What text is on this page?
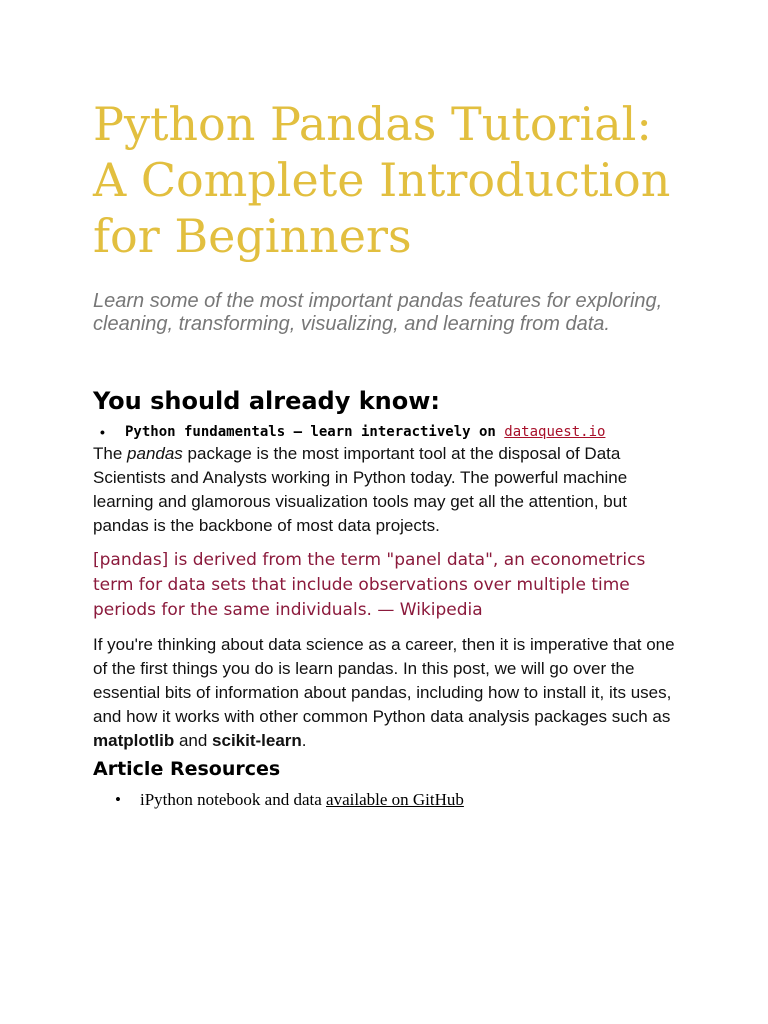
Python Pandas Tutorial: A Complete Introduction for Beginners

Learn some of the most important pandas features for exploring, cleaning, transforming, visualizing, and learning from data.

You should already know:
• Python fundamentals – learn interactively on dataquest.io

The pandas package is the most important tool at the disposal of Data Scientists and Analysts working in Python today. The powerful machine learning and glamorous visualization tools may get all the attention, but pandas is the backbone of most data projects.

[pandas] is derived from the term "panel data", an econometrics term for data sets that include observations over multiple time periods for the same individuals. — Wikipedia

If you're thinking about data science as a career, then it is imperative that one of the first things you do is learn pandas. In this post, we will go over the essential bits of information about pandas, including how to install it, its uses, and how it works with other common Python data analysis packages such as matplotlib and scikit-learn.

Article Resources
• iPython notebook and data available on GitHub
